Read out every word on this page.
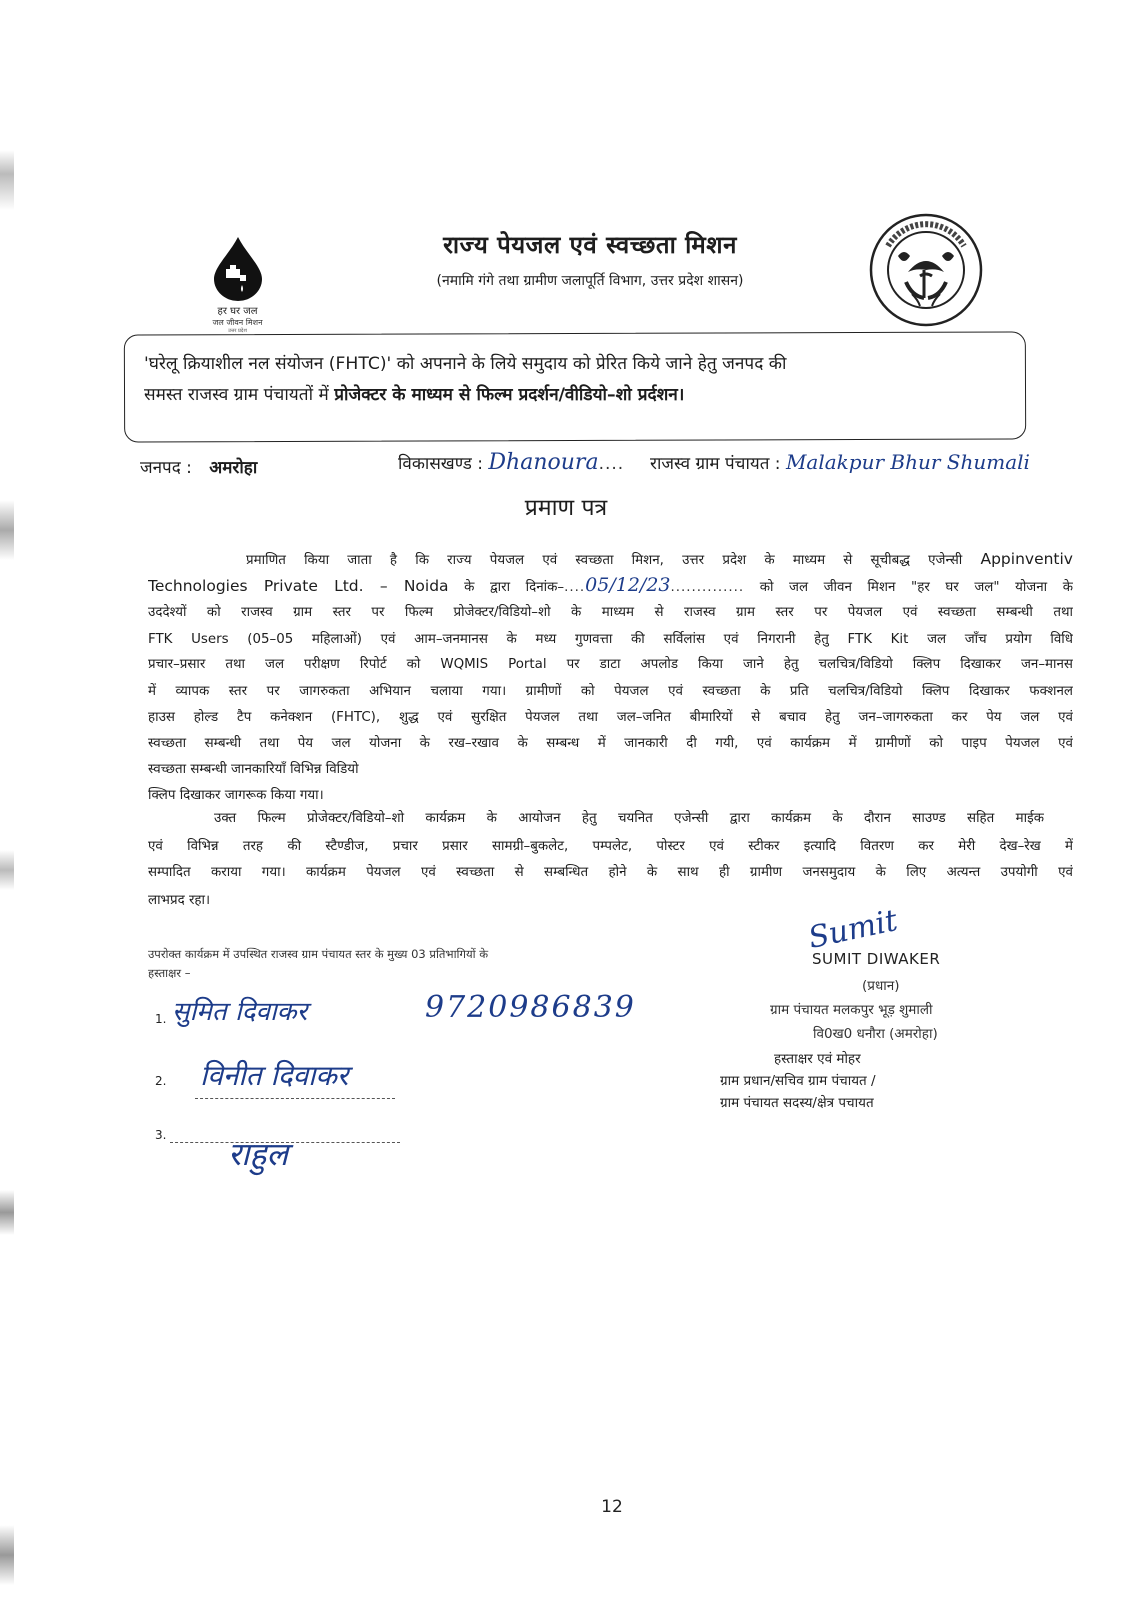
हर घर जल
जल जीवन मिशन
उत्तर प्रदेश
राज्य पेयजल एवं स्वच्छता मिशन
(नमामि गंगे तथा ग्रामीण जलापूर्ति विभाग, उत्तर प्रदेश शासन)
'घरेलू क्रियाशील नल संयोजन (FHTC)' को अपनाने के लिये समुदाय को प्रेरित किये जाने हेतु जनपद की
समस्त राजस्व ग्राम पंचायतों में प्रोजेक्टर के माध्यम से फिल्म प्रदर्शन/वीडियो–शो प्रर्दशन।
जनपद : अमरोहा	विकासखण्ड : Dhanoura.... राजस्व ग्राम पंचायत : Malakpur Bhur Shumali
प्रमाण पत्र
प्रमाणित किया जाता है कि राज्य पेयजल एवं स्वच्छता मिशन, उत्तर प्रदेश के माध्यम से सूचीबद्ध एजेन्सी Appinventiv
Technologies Private Ltd. – Noida के द्वारा दिनांक–....05/12/23.............. को जल जीवन मिशन "हर घर जल" योजना के
उददेश्यों को राजस्व ग्राम स्तर पर फिल्म प्रोजेक्टर/विडियो–शो के माध्यम से राजस्व ग्राम स्तर पर पेयजल एवं स्वच्छता सम्बन्धी तथा
FTK Users (05–05 महिलाओं) एवं आम–जनमानस के मध्य गुणवत्ता की सर्विलांस एवं निगरानी हेतु FTK Kit जल जाँच प्रयोग विधि
प्रचार–प्रसार तथा जल परीक्षण रिपोर्ट को WQMIS Portal पर डाटा अपलोड किया जाने हेतु चलचित्र/विडियो क्लिप दिखाकर जन–मानस
में व्यापक स्तर पर जागरुकता अभियान चलाया गया। ग्रामीणों को पेयजल एवं स्वच्छता के प्रति चलचित्र/विडियो क्लिप दिखाकर फक्शनल
हाउस होल्ड टैप कनेक्शन (FHTC), शुद्ध एवं सुरक्षित पेयजल तथा जल–जनित बीमारियों से बचाव हेतु जन–जागरुकता कर पेय जल एवं
स्वच्छता सम्बन्धी तथा पेय जल योजना के रख–रखाव के सम्बन्ध में जानकारी दी गयी, एवं कार्यक्रम में ग्रामीणों को पाइप पेयजल एवं
स्वच्छता सम्बन्धी जानकारियाँ विभिन्न विडियो
क्लिप दिखाकर जागरूक किया गया।
उक्त फिल्म प्रोजेक्टर/विडियो–शो कार्यक्रम के आयोजन हेतु चयनित एजेन्सी द्वारा कार्यक्रम के दौरान साउण्ड सहित माईक
एवं विभिन्न तरह की स्टैण्डीज, प्रचार प्रसार सामग्री–बुकलेट, पम्पलेट, पोस्टर एवं स्टीकर इत्यादि वितरण कर मेरी देख–रेख में
सम्पादित कराया गया। कार्यक्रम पेयजल एवं स्वच्छता से सम्बन्धित होने के साथ ही ग्रामीण जनसमुदाय के लिए अत्यन्त उपयोगी एवं
लाभप्रद रहा।
उपरोक्त कार्यक्रम में उपस्थित राजस्व ग्राम पंचायत स्तर के मुख्य 03 प्रतिभागियों के
हस्ताक्षर –
1. सुमित दिवाकर	9720986839
2. विनीत दिवाकर
3. राहुल
Sumit
SUMIT DIWAKER
(प्रधान)
ग्राम पंचायत मलकपुर भूड़ शुमाली
वि0ख0 धनौरा (अमरोहा)
हस्ताक्षर एवं मोहर
ग्राम प्रधान/सचिव ग्राम पंचायत /
ग्राम पंचायत सदस्य/क्षेत्र पचायत
12
